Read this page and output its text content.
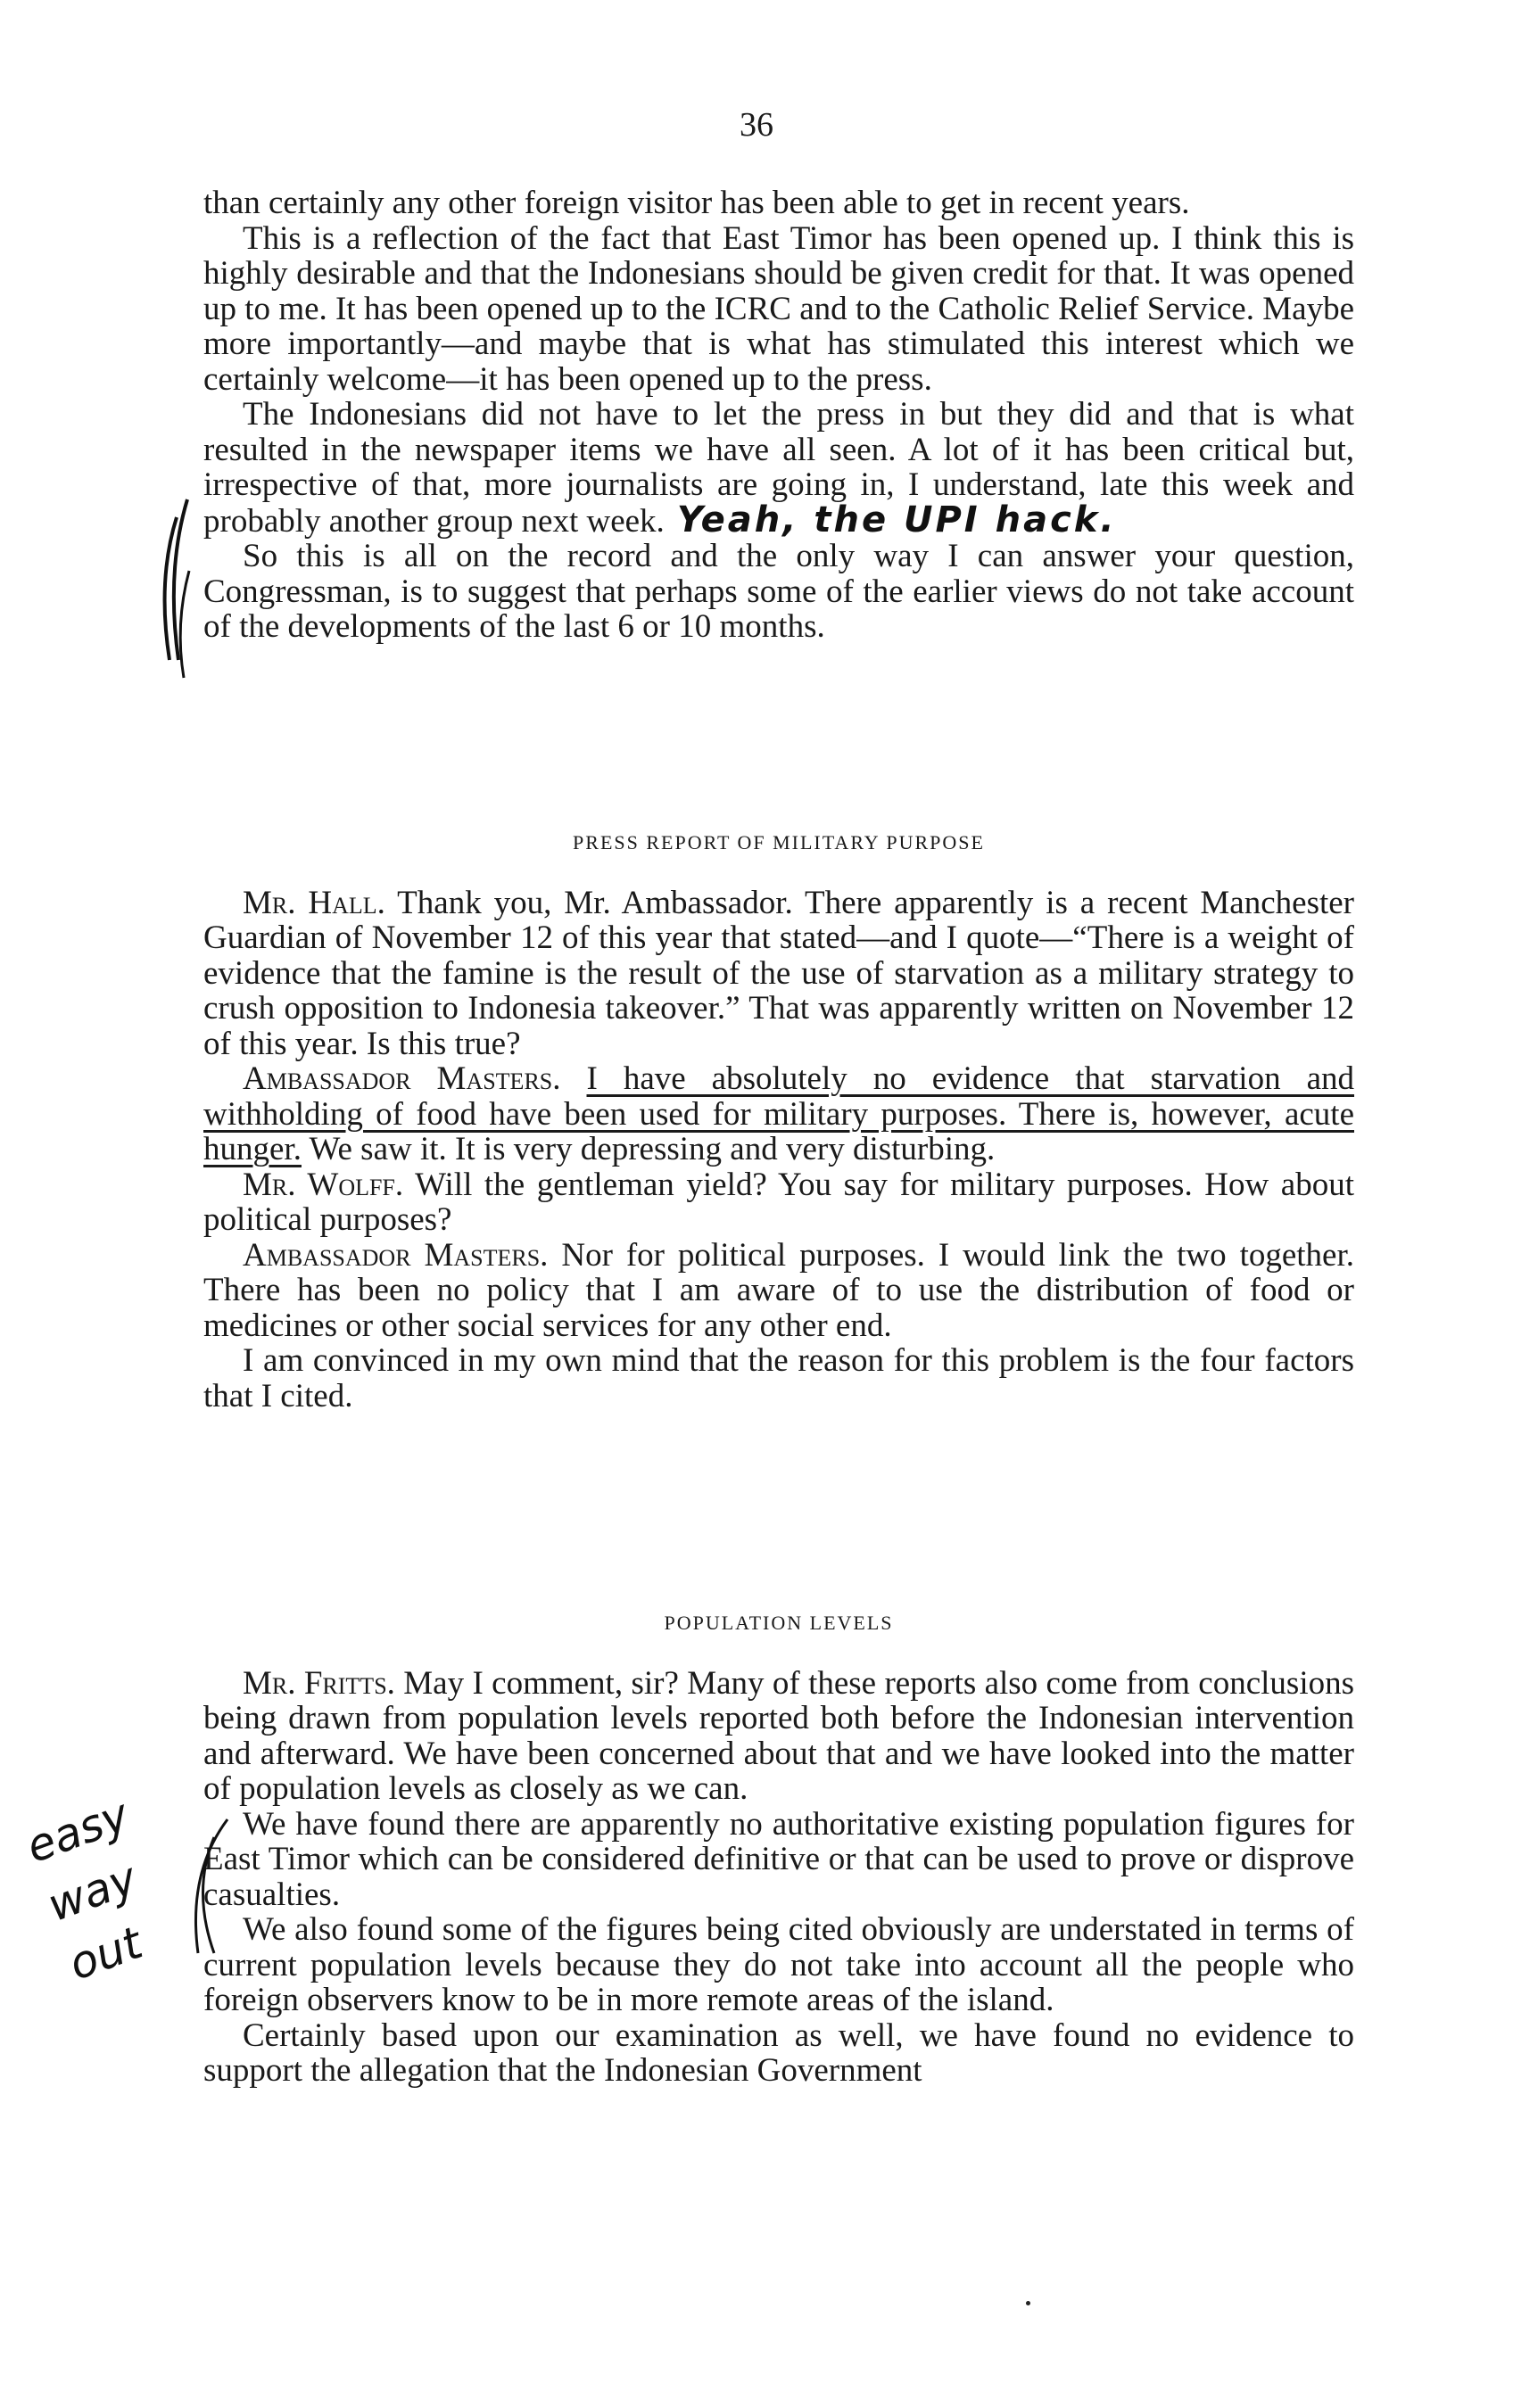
36

than certainly any other foreign visitor has been able to get in recent years.

This is a reflection of the fact that East Timor has been opened up. I think this is highly desirable and that the Indonesians should be given credit for that. It was opened up to me. It has been opened up to the ICRC and to the Catholic Relief Service. Maybe more importantly—and maybe that is what has stimulated this interest which we certainly welcome—it has been opened up to the press.

The Indonesians did not have to let the press in but they did and that is what resulted in the newspaper items we have all seen. A lot of it has been critical but, irrespective of that, more journalists are going in, I understand, late this week and probably another group next week. Yeah, the UPI hack.

So this is all on the record and the only way I can answer your question, Congressman, is to suggest that perhaps some of the earlier views do not take account of the developments of the last 6 or 10 months.

PRESS REPORT OF MILITARY PURPOSE

Mr. Hall. Thank you, Mr. Ambassador. There apparently is a recent Manchester Guardian of November 12 of this year that stated—and I quote—“There is a weight of evidence that the famine is the result of the use of starvation as a military strategy to crush opposition to Indonesia takeover.” That was apparently written on November 12 of this year. Is this true?

Ambassador Masters. I have absolutely no evidence that starvation and withholding of food have been used for military purposes. There is, however, acute hunger. We saw it. It is very depressing and very disturbing.

Mr. Wolff. Will the gentleman yield? You say for military purposes. How about political purposes?

Ambassador Masters. Nor for political purposes. I would link the two together. There has been no policy that I am aware of to use the distribution of food or medicines or other social services for any other end.

I am convinced in my own mind that the reason for this problem is the four factors that I cited.

POPULATION LEVELS

Mr. Fritts. May I comment, sir? Many of these reports also come from conclusions being drawn from population levels reported both before the Indonesian intervention and afterward. We have been concerned about that and we have looked into the matter of population levels as closely as we can.

We have found there are apparently no authoritative existing population figures for East Timor which can be considered definitive or that can be used to prove or disprove casualties.

We also found some of the figures being cited obviously are understated in terms of current population levels because they do not take into account all the people who foreign observers know to be in more remote areas of the island.

Certainly based upon our examination as well, we have found no evidence to support the allegation that the Indonesian Government

easy
way
out
